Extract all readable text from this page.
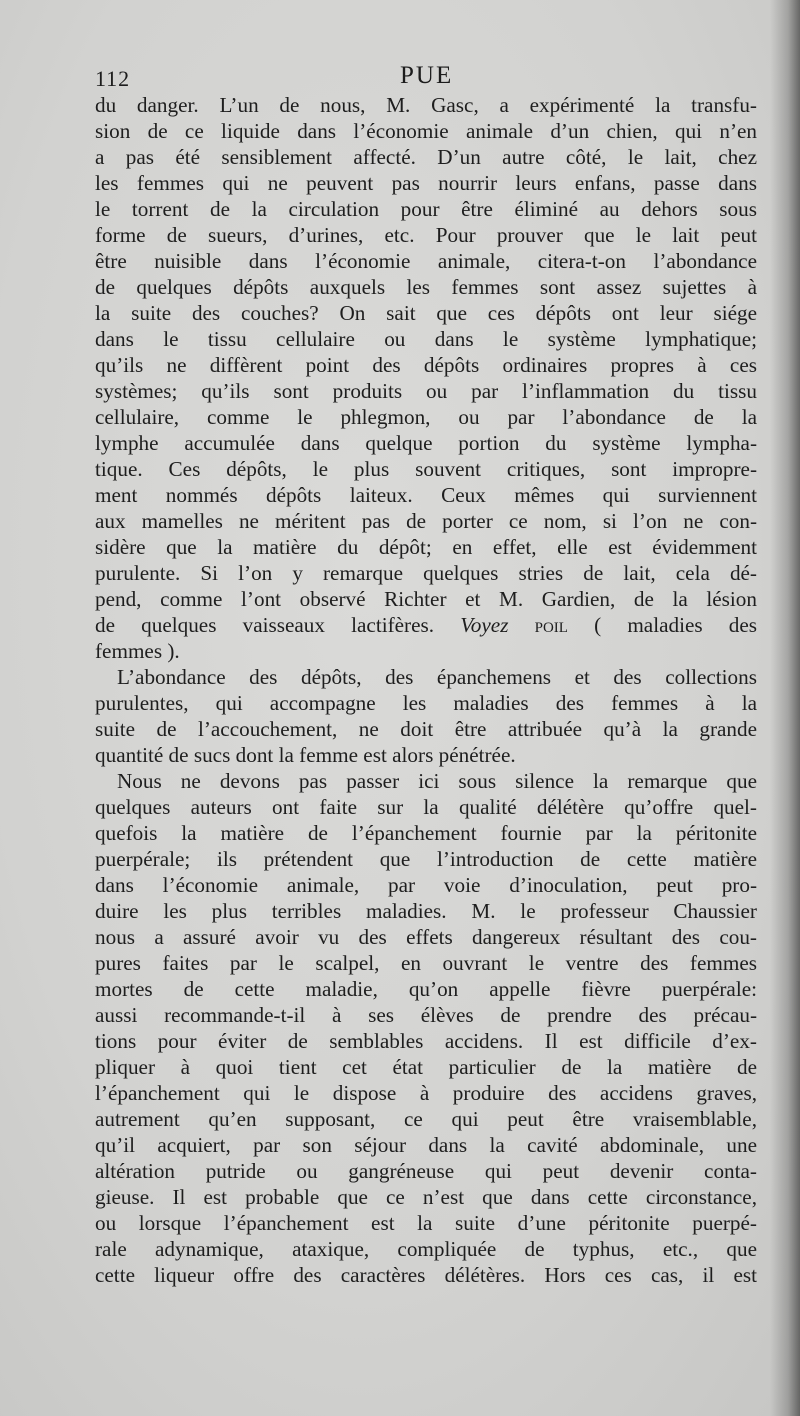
112	PUE
du danger. L’un de nous, M. Gasc, a expérimenté la transfu-
sion de ce liquide dans l’économie animale d’un chien, qui n’en
a pas été sensiblement affecté. D’un autre côté, le lait, chez
les femmes qui ne peuvent pas nourrir leurs enfans, passe dans
le torrent de la circulation pour être éliminé au dehors sous
forme de sueurs, d’urines, etc. Pour prouver que le lait peut
être nuisible dans l’économie animale, citera-t-on l’abondance
de quelques dépôts auxquels les femmes sont assez sujettes à
la suite des couches? On sait que ces dépôts ont leur siége
dans le tissu cellulaire ou dans le système lymphatique;
qu’ils ne diffèrent point des dépôts ordinaires propres à ces
systèmes; qu’ils sont produits ou par l’inflammation du tissu
cellulaire, comme le phlegmon, ou par l’abondance de la
lymphe accumulée dans quelque portion du système lympha-
tique. Ces dépôts, le plus souvent critiques, sont impropre-
ment nommés dépôts laiteux. Ceux mêmes qui surviennent
aux mamelles ne méritent pas de porter ce nom, si l’on ne con-
sidère que la matière du dépôt; en effet, elle est évidemment
purulente. Si l’on y remarque quelques stries de lait, cela dé-
pend, comme l’ont observé Richter et M. Gardien, de la lésion
de quelques vaisseaux lactifères. Voyez poil ( maladies des
femmes ).
L’abondance des dépôts, des épanchemens et des collections
purulentes, qui accompagne les maladies des femmes à la
suite de l’accouchement, ne doit être attribuée qu’à la grande
quantité de sucs dont la femme est alors pénétrée.
Nous ne devons pas passer ici sous silence la remarque que
quelques auteurs ont faite sur la qualité délétère qu’offre quel-
quefois la matière de l’épanchement fournie par la péritonite
puerpérale; ils prétendent que l’introduction de cette matière
dans l’économie animale, par voie d’inoculation, peut pro-
duire les plus terribles maladies. M. le professeur Chaussier
nous a assuré avoir vu des effets dangereux résultant des cou-
pures faites par le scalpel, en ouvrant le ventre des femmes
mortes de cette maladie, qu’on appelle fièvre puerpérale:
aussi recommande-t-il à ses élèves de prendre des précau-
tions pour éviter de semblables accidens. Il est difficile d’ex-
pliquer à quoi tient cet état particulier de la matière de
l’épanchement qui le dispose à produire des accidens graves,
autrement qu’en supposant, ce qui peut être vraisemblable,
qu’il acquiert, par son séjour dans la cavité abdominale, une
altération putride ou gangréneuse qui peut devenir conta-
gieuse. Il est probable que ce n’est que dans cette circonstance,
ou lorsque l’épanchement est la suite d’une péritonite puerpé-
rale adynamique, ataxique, compliquée de typhus, etc., que
cette liqueur offre des caractères délétères. Hors ces cas, il est
